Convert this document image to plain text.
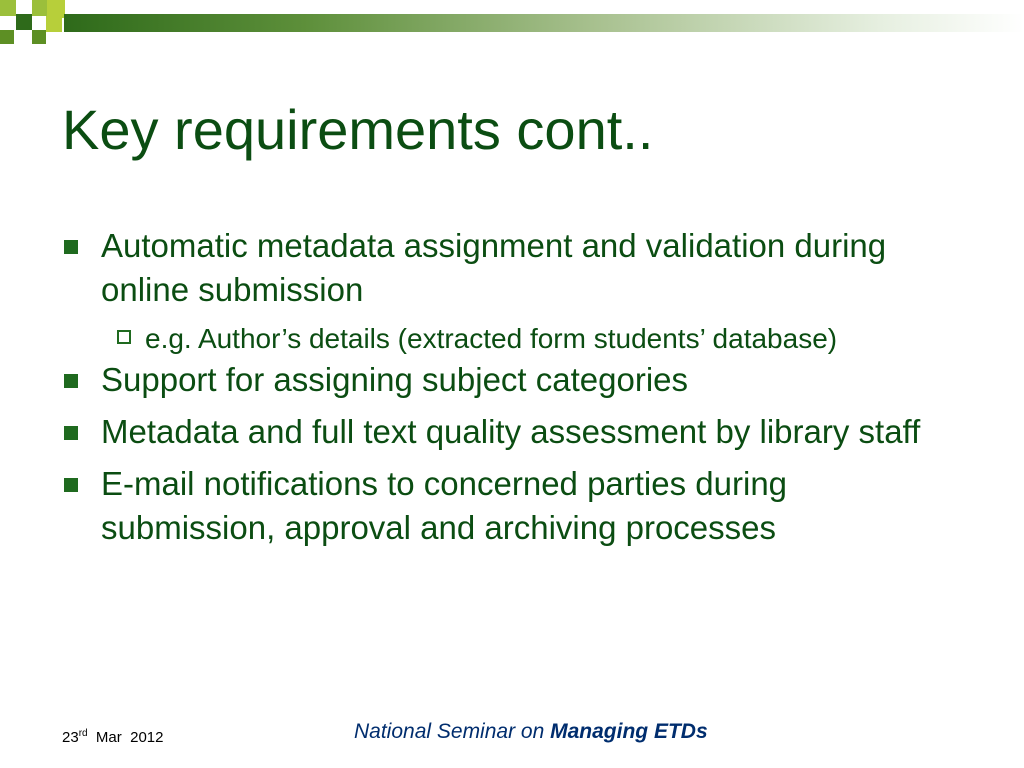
Key requirements cont..
Automatic metadata assignment and validation during online submission
e.g. Author’s details (extracted form students’ database)
Support for assigning subject categories
Metadata and full text quality assessment by library staff
E-mail notifications to concerned parties during submission, approval and archiving processes
23rd  Mar  2012	National Seminar on Managing ETDs
